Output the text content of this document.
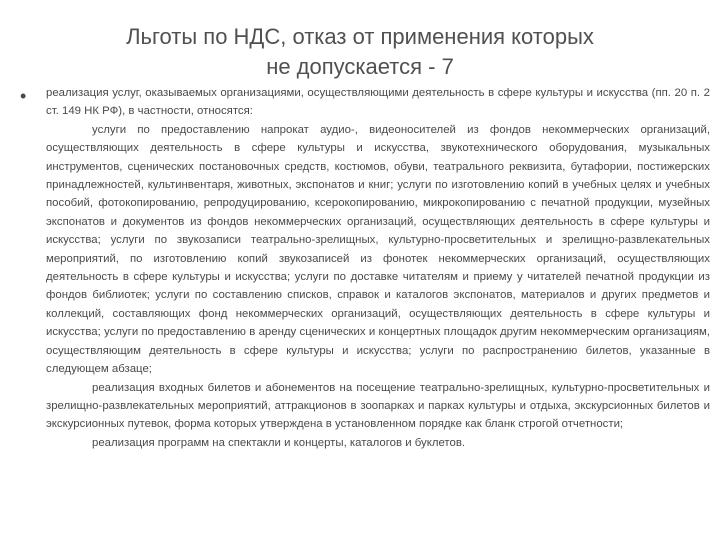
Льготы по НДС, отказ от применения которых
не допускается - 7
• реализация услуг, оказываемых организациями, осуществляющими деятельность в сфере культуры и искусства (пп. 20 п. 2 ст. 149 НК РФ), в частности, относятся:

услуги по предоставлению напрокат аудио-, видеоносителей из фондов некоммерческих организаций, осуществляющих деятельность в сфере культуры и искусства, звукотехнического оборудования, музыкальных инструментов, сценических постановочных средств, костюмов, обуви, театрального реквизита, бутафории, постижерских принадлежностей, культинвентаря, животных, экспонатов и книг; услуги по изготовлению копий в учебных целях и учебных пособий, фотокопированию, репродуцированию, ксерокопированию, микрокопированию с печатной продукции, музейных экспонатов и документов из фондов некоммерческих организаций, осуществляющих деятельность в сфере культуры и искусства; услуги по звукозаписи театрально-зрелищных, культурно-просветительных и зрелищно-развлекательных мероприятий, по изготовлению копий звукозаписей из фонотек некоммерческих организаций, осуществляющих деятельность в сфере культуры и искусства; услуги по доставке читателям и приему у читателей печатной продукции из фондов библиотек; услуги по составлению списков, справок и каталогов экспонатов, материалов и других предметов и коллекций, составляющих фонд некоммерческих организаций, осуществляющих деятельность в сфере культуры и искусства; услуги по предоставлению в аренду сценических и концертных площадок другим некоммерческим организациям, осуществляющим деятельность в сфере культуры и искусства; услуги по распространению билетов, указанные в следующем абзаце;

реализация входных билетов и абонементов на посещение театрально-зрелищных, культурно-просветительных и зрелищно-развлекательных мероприятий, аттракционов в зоопарках и парках культуры и отдыха, экскурсионных билетов и экскурсионных путевок, форма которых утверждена в установленном порядке как бланк строгой отчетности;

реализация программ на спектакли и концерты, каталогов и буклетов.
